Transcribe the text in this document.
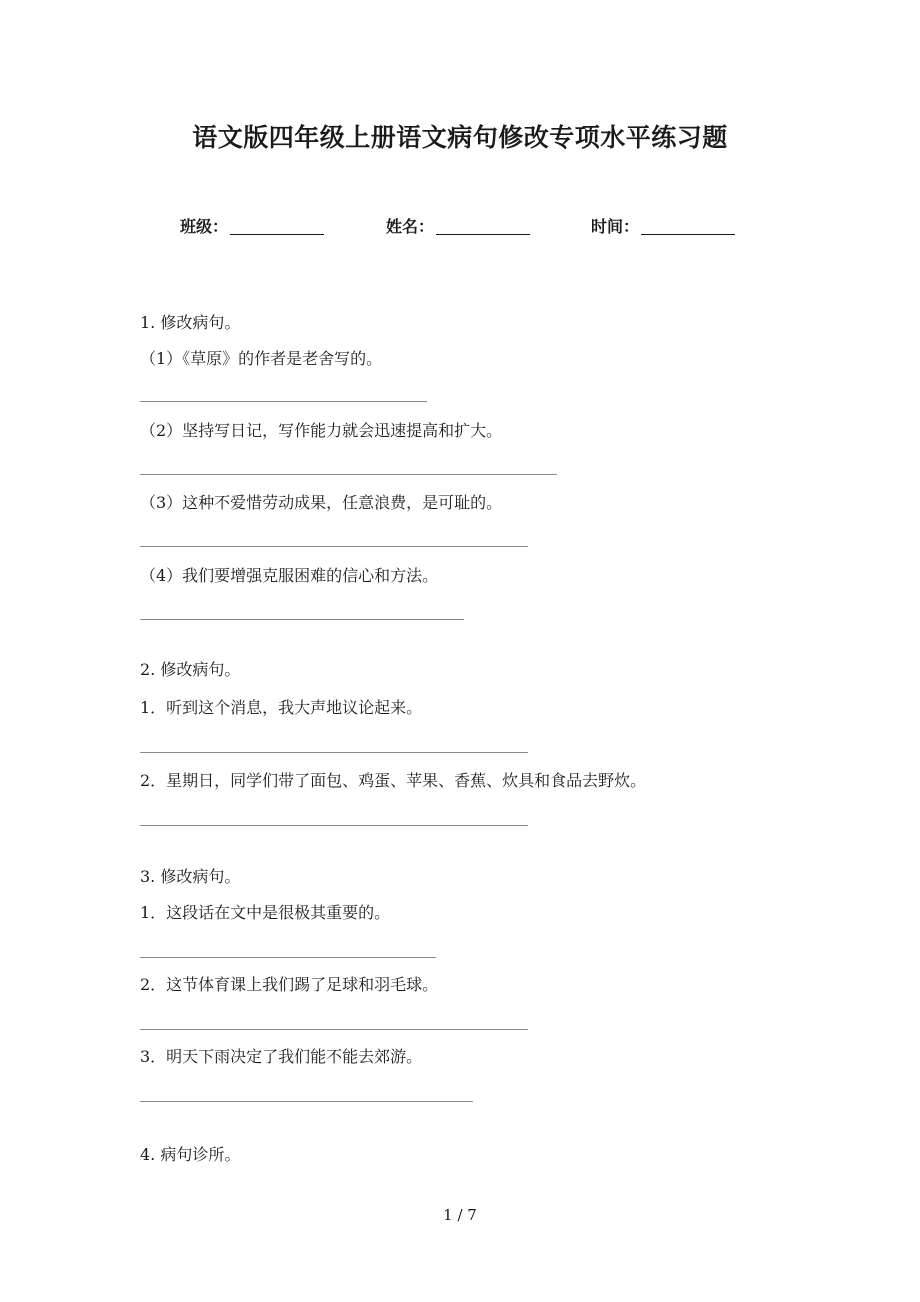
语文版四年级上册语文病句修改专项水平练习题
班级：	姓名：	时间：
1. 修改病句。
（1）《草原》的作者是老舍写的。
（2）坚持写日记，写作能力就会迅速提高和扩大。
（3）这种不爱惜劳动成果，任意浪费，是可耻的。
（4）我们要增强克服困难的信心和方法。
2. 修改病句。
1．听到这个消息，我大声地议论起来。
2．星期日，同学们带了面包、鸡蛋、苹果、香蕉、炊具和食品去野炊。
3. 修改病句。
1．这段话在文中是很极其重要的。
2．这节体育课上我们踢了足球和羽毛球。
3．明天下雨决定了我们能不能去郊游。
4. 病句诊所。
1 / 7
